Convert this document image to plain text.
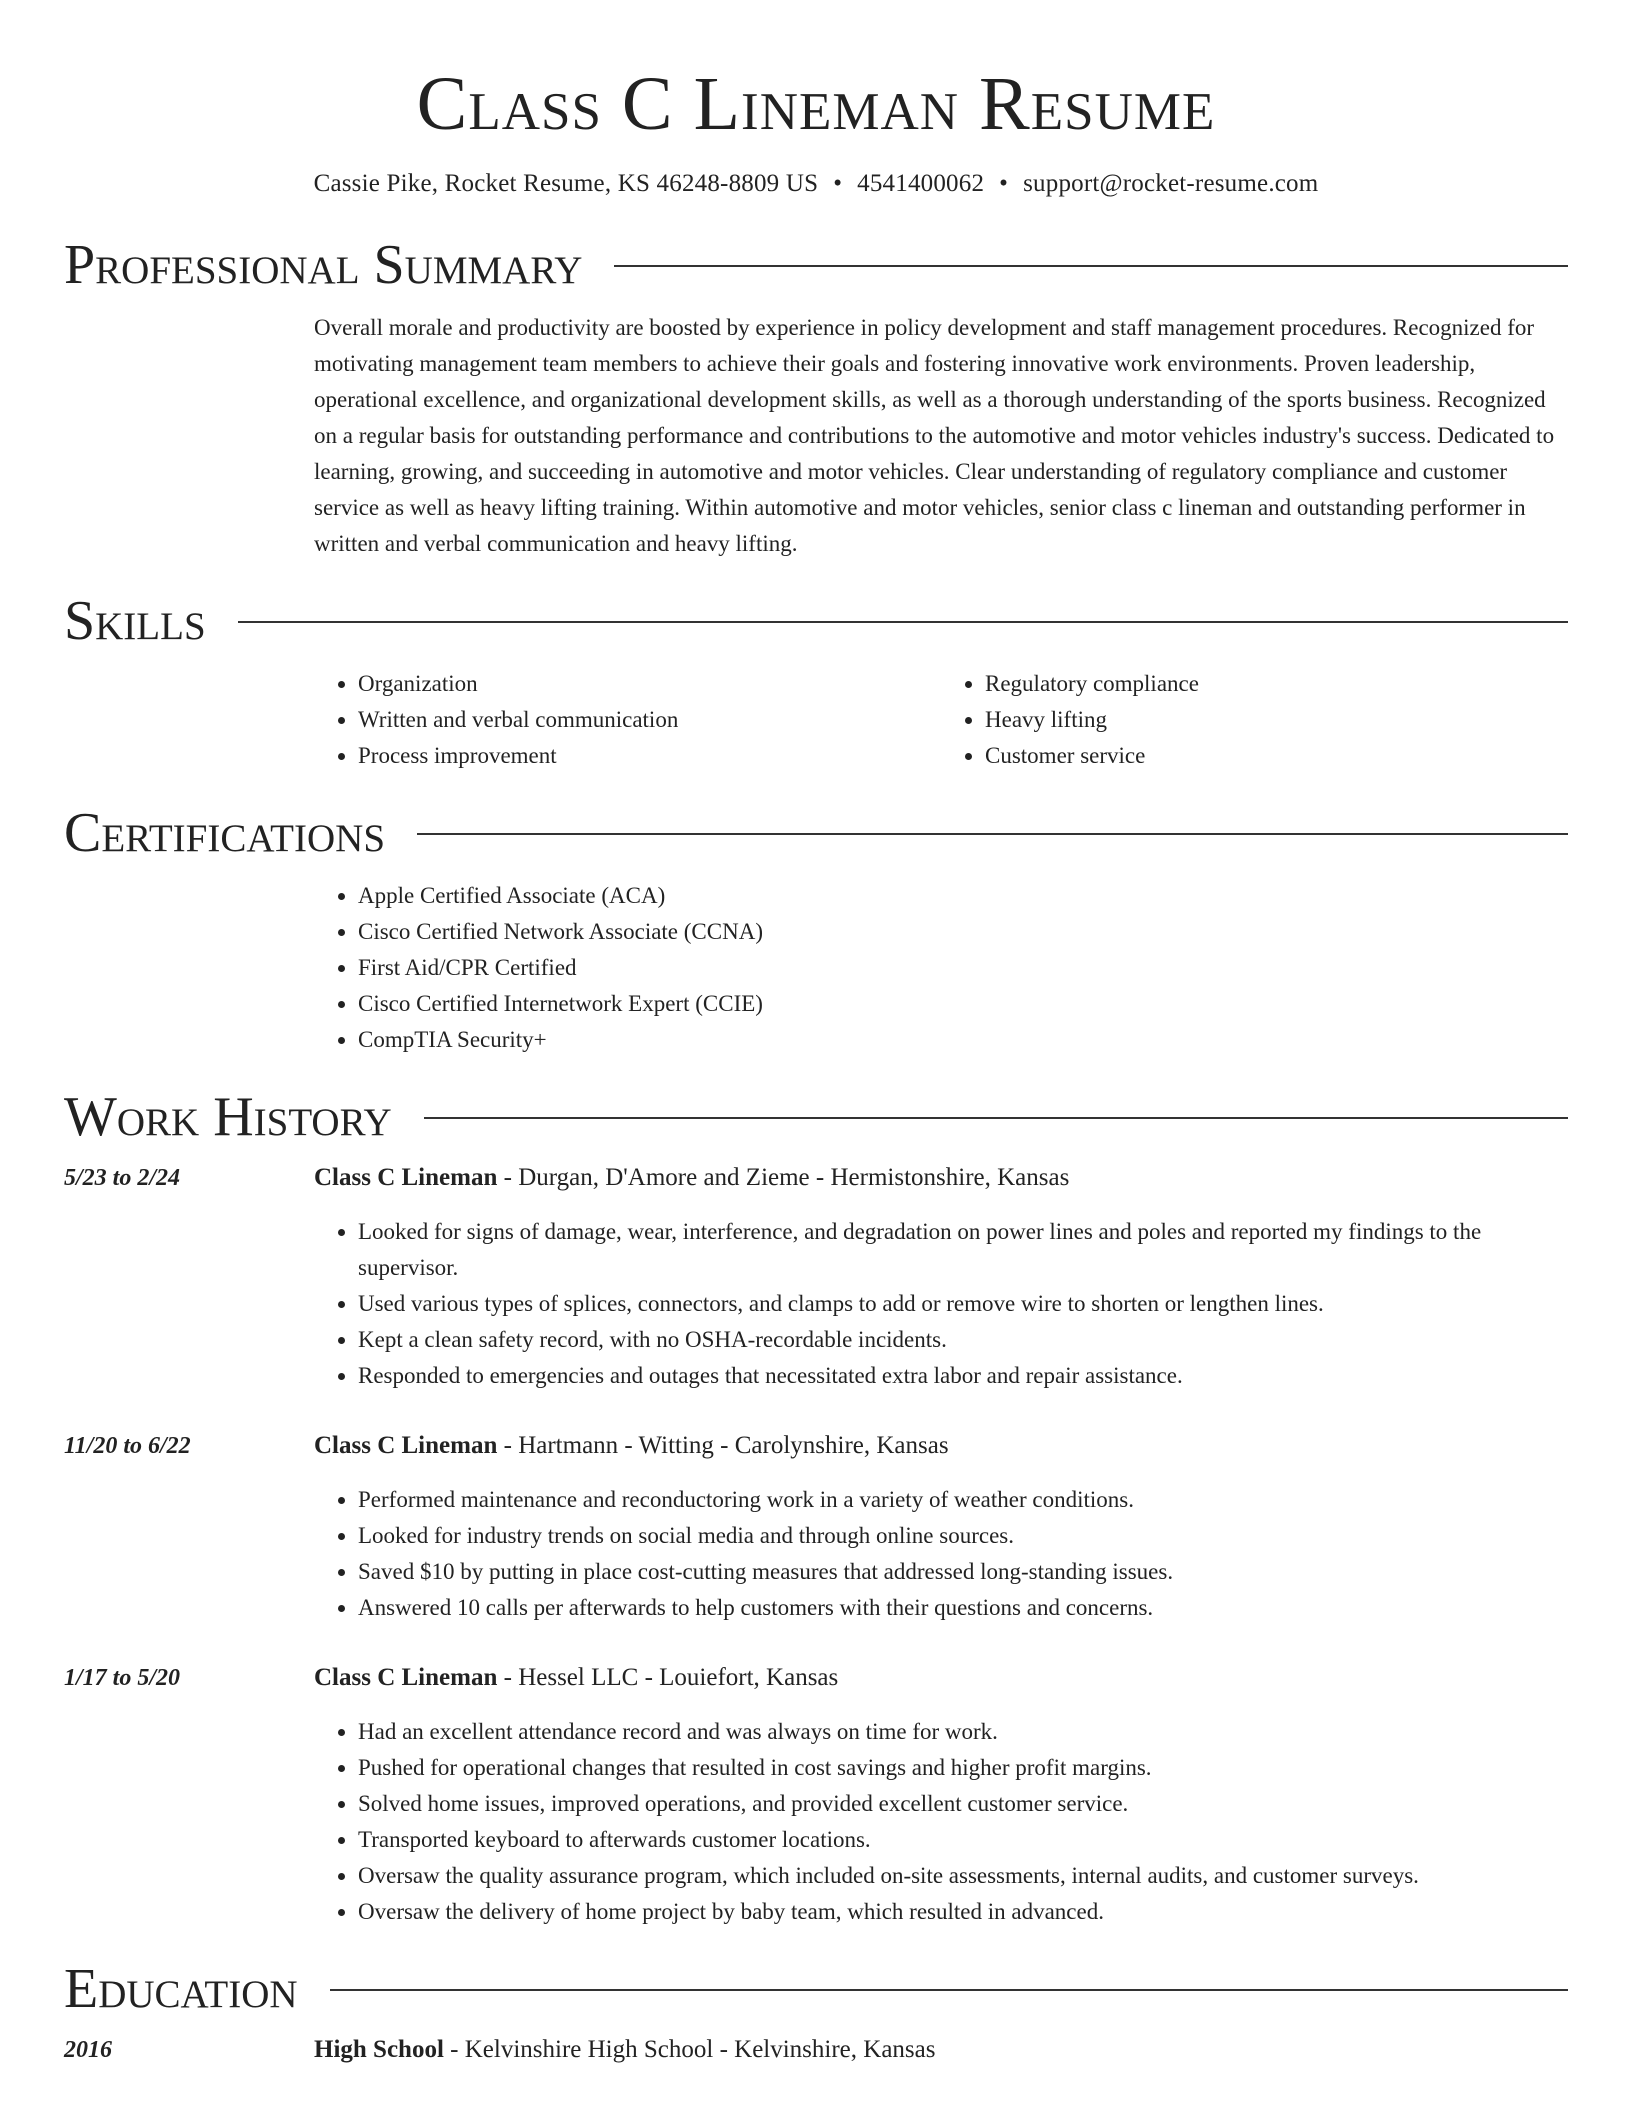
Class C Lineman Resume
Cassie Pike, Rocket Resume, KS 46248-8809 US • 4541400062 • support@rocket-resume.com
Professional Summary

Overall morale and productivity are boosted by experience in policy development and staff management procedures. Recognized for motivating management team members to achieve their goals and fostering innovative work environments. Proven leadership, operational excellence, and organizational development skills, as well as a thorough understanding of the sports business. Recognized on a regular basis for outstanding performance and contributions to the automotive and motor vehicles industry's success. Dedicated to learning, growing, and succeeding in automotive and motor vehicles. Clear understanding of regulatory compliance and customer service as well as heavy lifting training. Within automotive and motor vehicles, senior class c lineman and outstanding performer in written and verbal communication and heavy lifting.

Skills
• Organization
• Written and verbal communication
• Process improvement
• Regulatory compliance
• Heavy lifting
• Customer service
Certifications
• Apple Certified Associate (ACA)
• Cisco Certified Network Associate (CCNA)
• First Aid/CPR Certified
• Cisco Certified Internetwork Expert (CCIE)
• CompTIA Security+
Work History
5/23 to 2/24	Class C Lineman - Durgan, D'Amore and Zieme - Hermistonshire, Kansas
• Looked for signs of damage, wear, interference, and degradation on power lines and poles and reported my findings to the supervisor.
• Used various types of splices, connectors, and clamps to add or remove wire to shorten or lengthen lines.
• Kept a clean safety record, with no OSHA-recordable incidents.
• Responded to emergencies and outages that necessitated extra labor and repair assistance.
11/20 to 6/22	Class C Lineman - Hartmann - Witting - Carolynshire, Kansas
• Performed maintenance and reconductoring work in a variety of weather conditions.
• Looked for industry trends on social media and through online sources.
• Saved $10 by putting in place cost-cutting measures that addressed long-standing issues.
• Answered 10 calls per afterwards to help customers with their questions and concerns.
1/17 to 5/20	Class C Lineman - Hessel LLC - Louiefort, Kansas
• Had an excellent attendance record and was always on time for work.
• Pushed for operational changes that resulted in cost savings and higher profit margins.
• Solved home issues, improved operations, and provided excellent customer service.
• Transported keyboard to afterwards customer locations.
• Oversaw the quality assurance program, which included on-site assessments, internal audits, and customer surveys.
• Oversaw the delivery of home project by baby team, which resulted in advanced.
Education
2016	High School - Kelvinshire High School - Kelvinshire, Kansas
